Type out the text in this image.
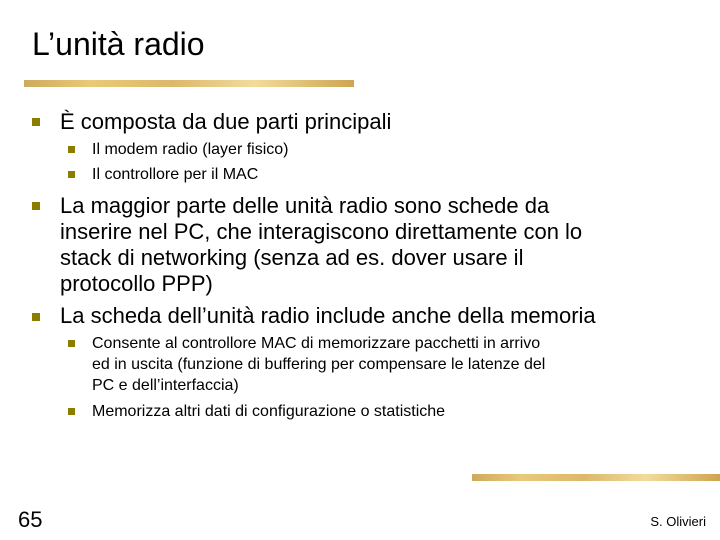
L’unità radio
È composta da due parti principali
Il modem radio (layer fisico)
Il controllore per il MAC
La maggior parte delle unità radio sono schede da
inserire nel PC, che interagiscono direttamente con lo
stack di networking (senza ad es. dover usare il
protocollo PPP)
La scheda dell’unità radio include anche della memoria
Consente al controllore MAC di memorizzare pacchetti in arrivo
ed in uscita (funzione di buffering per compensare le latenze del
PC e dell’interfaccia)
Memorizza altri dati di configurazione o statistiche
65	S. Olivieri
